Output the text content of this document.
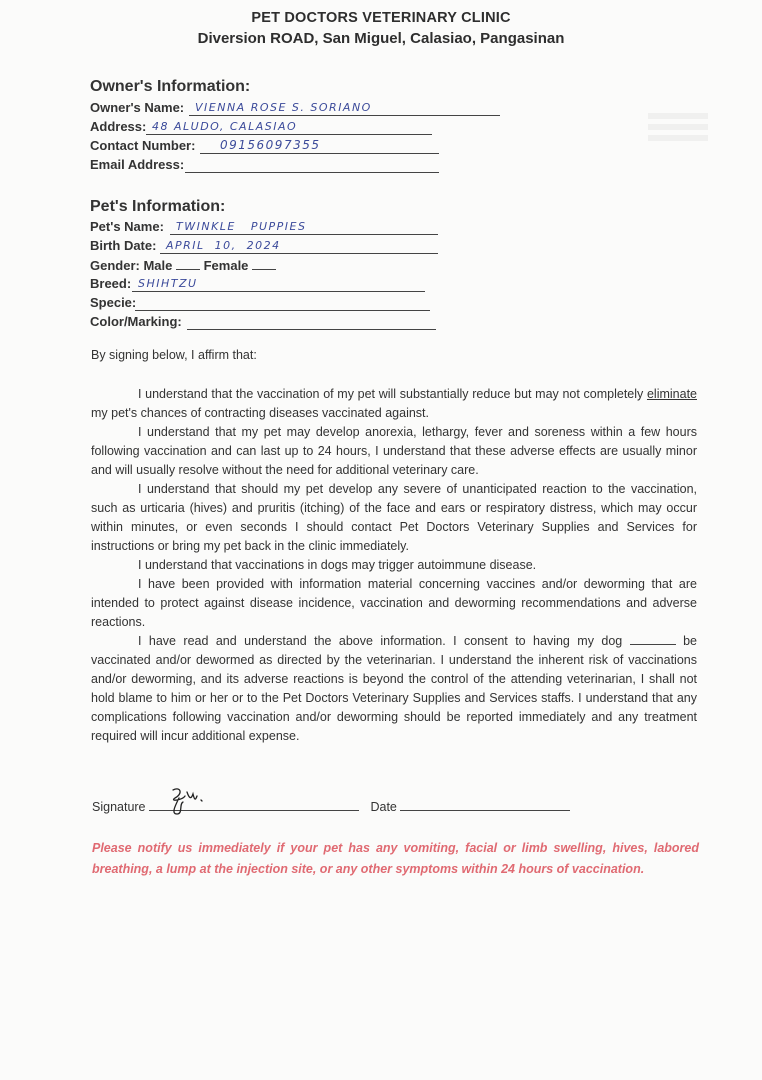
PET DOCTORS VETERINARY CLINIC
Diversion ROAD, San Miguel, Calasiao, Pangasinan
Owner's Information:
Owner's Name: VIENNA ROSE S. SORIANO
Address: 48 ALUDO, CALASIAO
Contact Number: 09156097355
Email Address:
Pet's Information:
Pet's Name: TWINKLE   PUPPIES
Birth Date: APRIL  10,  2024
Gender: Male Female
Breed: SHIHTZU
Specie:
Color/Marking:
By signing below, I affirm that:

I understand that the vaccination of my pet will substantially reduce but may not completely eliminate my pet's chances of contracting diseases vaccinated against.

I understand that my pet may develop anorexia, lethargy, fever and soreness within a few hours following vaccination and can last up to 24 hours, I understand that these adverse effects are usually minor and will usually resolve without the need for additional veterinary care.

I understand that should my pet develop any severe of unanticipated reaction to the vaccination, such as urticaria (hives) and pruritis (itching) of the face and ears or respiratory distress, which may occur within minutes, or even seconds I should contact Pet Doctors Veterinary Supplies and Services for instructions or bring my pet back in the clinic immediately.

I understand that vaccinations in dogs may trigger autoimmune disease.

I have been provided with information material concerning vaccines and/or deworming that are intended to protect against disease incidence, vaccination and deworming recommendations and adverse reactions.

I have read and understand the above information. I consent to having my dog	be vaccinated and/or dewormed as directed by the veterinarian. I understand the inherent risk of vaccinations and/or deworming, and its adverse reactions is beyond the control of the attending veterinarian, I shall not hold blame to him or her or to the Pet Doctors Veterinary Supplies and Services staffs. I understand that any complications following vaccination and/or deworming should be reported immediately and any treatment required will incur additional expense.

Signature	Date
Please notify us immediately if your pet has any vomiting, facial or limb swelling, hives, labored breathing, a lump at the injection site, or any other symptoms within 24 hours of vaccination.
